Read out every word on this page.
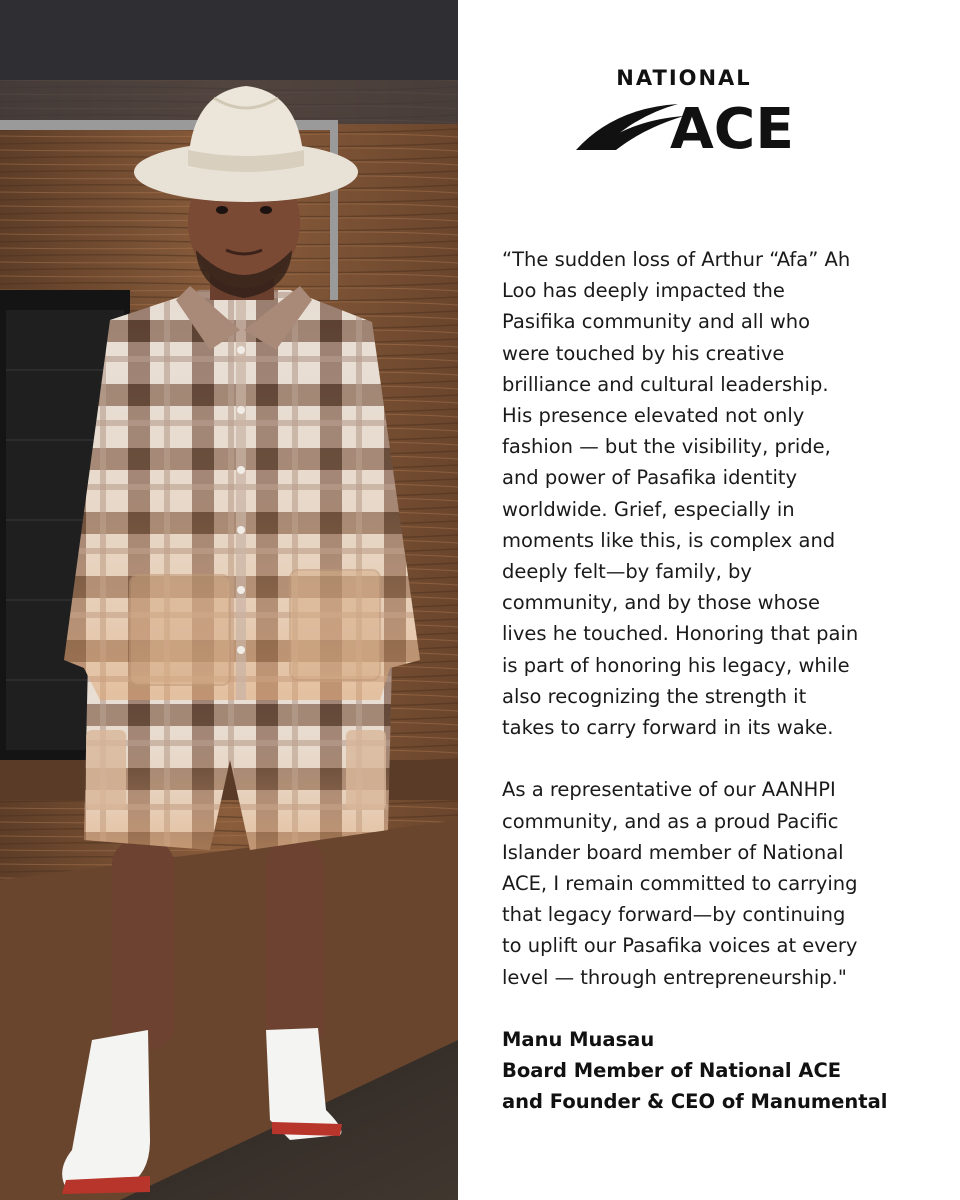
NATIONAL
ACE

“The sudden loss of Arthur “Afa” Ah
Loo has deeply impacted the
Pasifika community and all who
were touched by his creative
brilliance and cultural leadership.
His presence elevated not only
fashion — but the visibility, pride,
and power of Pasafika identity
worldwide. Grief, especially in
moments like this, is complex and
deeply felt—by family, by
community, and by those whose
lives he touched. Honoring that pain
is part of honoring his legacy, while
also recognizing the strength it
takes to carry forward in its wake.

As a representative of our AANHPI
community, and as a proud Pacific
Islander board member of National
ACE, I remain committed to carrying
that legacy forward—by continuing
to uplift our Pasafika voices at every
level — through entrepreneurship."

Manu Muasau
Board Member of National ACE
and Founder & CEO of Manumental
